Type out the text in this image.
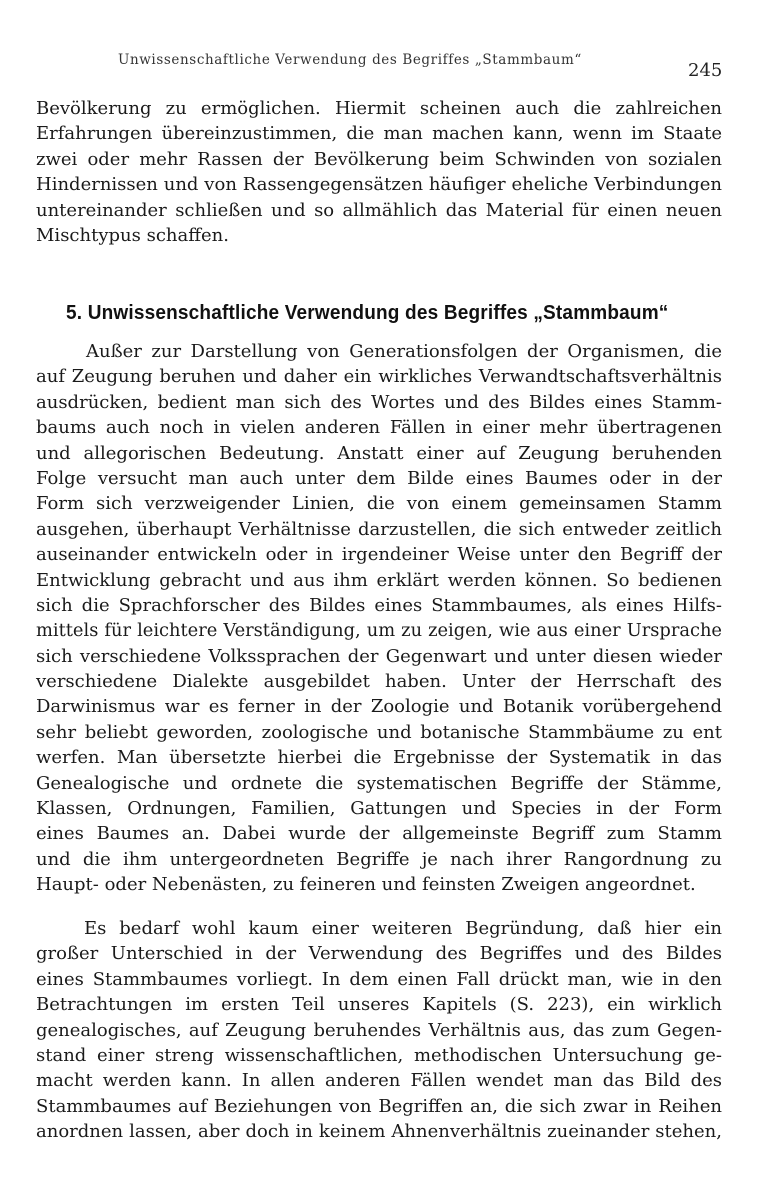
Unwissenschaftliche Verwendung des Begriffes „Stammbaum“	245
Bevölkerung zu ermöglichen. Hiermit scheinen auch die zahlreichen
Erfahrungen übereinzustimmen, die man machen kann, wenn im Staate
zwei oder mehr Rassen der Bevölkerung beim Schwinden von sozialen
Hindernissen und von Rassengegensätzen häufiger eheliche Verbindungen
untereinander schließen und so allmählich das Material für einen neuen
Mischtypus schaffen.
5. Unwissenschaftliche Verwendung des Begriffes „Stammbaum“
Außer zur Darstellung von Generationsfolgen der Organismen, die
auf Zeugung beruhen und daher ein wirkliches Verwandtschaftsverhältnis
ausdrücken, bedient man sich des Wortes und des Bildes eines Stamm-
baums auch noch in vielen anderen Fällen in einer mehr übertragenen
und allegorischen Bedeutung. Anstatt einer auf Zeugung beruhenden
Folge versucht man auch unter dem Bilde eines Baumes oder in der
Form sich verzweigender Linien, die von einem gemeinsamen Stamm
ausgehen, überhaupt Verhältnisse darzustellen, die sich entweder zeitlich
auseinander entwickeln oder in irgendeiner Weise unter den Begriff der
Entwicklung gebracht und aus ihm erklärt werden können. So bedienen
sich die Sprachforscher des Bildes eines Stammbaumes, als eines Hilfs-
mittels für leichtere Verständigung, um zu zeigen, wie aus einer Ursprache
sich verschiedene Volkssprachen der Gegenwart und unter diesen wieder
verschiedene Dialekte ausgebildet haben. Unter der Herrschaft des
Darwinismus war es ferner in der Zoologie und Botanik vorübergehend
sehr beliebt geworden, zoologische und botanische Stammbäume zu ent
werfen. Man übersetzte hierbei die Ergebnisse der Systematik in das
Genealogische und ordnete die systematischen Begriffe der Stämme,
Klassen, Ordnungen, Familien, Gattungen und Species in der Form
eines Baumes an. Dabei wurde der allgemeinste Begriff zum Stamm
und die ihm untergeordneten Begriffe je nach ihrer Rangordnung zu
Haupt- oder Nebenästen, zu feineren und feinsten Zweigen angeordnet.
Es bedarf wohl kaum einer weiteren Begründung, daß hier ein
großer Unterschied in der Verwendung des Begriffes und des Bildes
eines Stammbaumes vorliegt. In dem einen Fall drückt man, wie in den
Betrachtungen im ersten Teil unseres Kapitels (S. 223), ein wirklich
genealogisches, auf Zeugung beruhendes Verhältnis aus, das zum Gegen-
stand einer streng wissenschaftlichen, methodischen Untersuchung ge-
macht werden kann. In allen anderen Fällen wendet man das Bild des
Stammbaumes auf Beziehungen von Begriffen an, die sich zwar in Reihen
anordnen lassen, aber doch in keinem Ahnenverhältnis zueinander stehen,
